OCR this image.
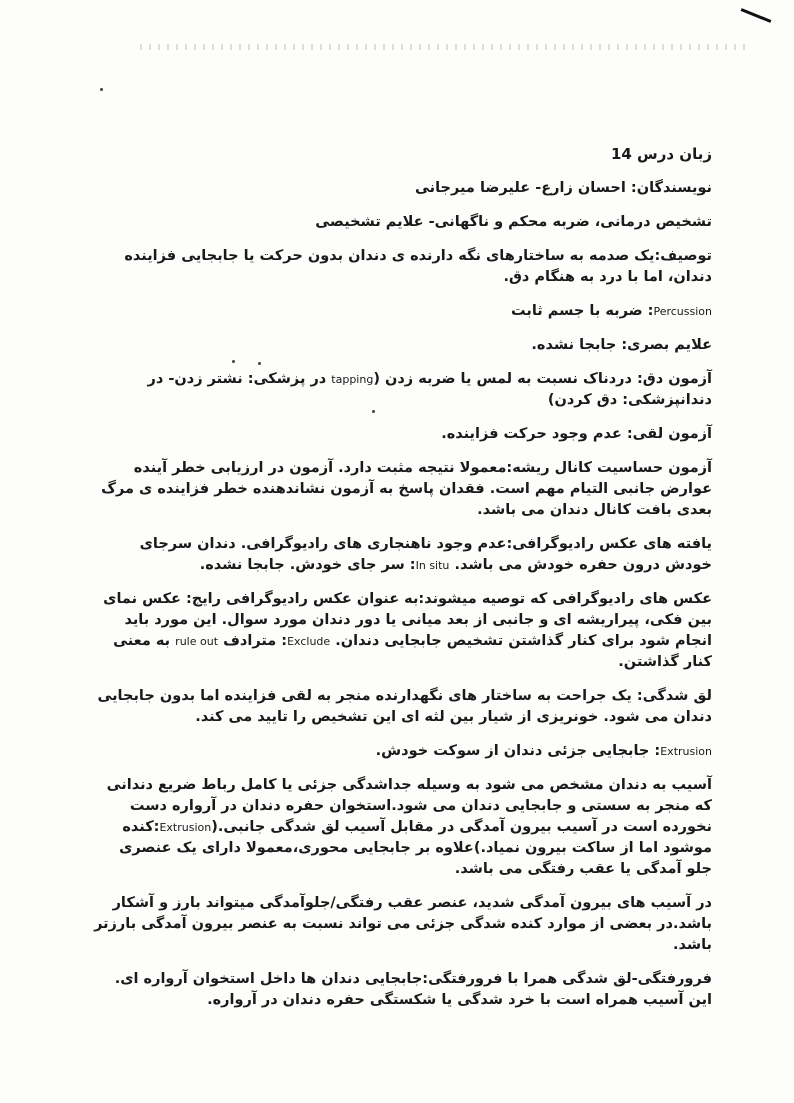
زبان درس 14

نویسندگان: احسان زارع- علیرضا میرجانی

تشخیص درمانی، ضربه محکم و ناگهانی- علایم تشخیصی

توصیف:یک صدمه به ساختارهای نگه دارنده ی دندان بدون حرکت یا جابجایی فزاینده دندان، اما با درد به هنگام دق.

Percussion: ضربه با جسم ثابت

علایم بصری: جابجا نشده.

آزمون دق: دردناک نسبت به لمس یا ضربه زدن (tapping در پزشکی: نشتر زدن- در دندانپزشکی: دق کردن)

آزمون لقی: عدم وجود حرکت فزاینده.

آزمون حساسیت کانال ریشه:معمولا نتیجه مثبت دارد. آزمون در ارزیابی خطر آینده عوارض جانبی التیام مهم است. فقدان پاسخ به آزمون نشاندهنده خطر فزاینده ی مرگ بعدی بافت کانال دندان می باشد.

یافته های عکس رادیوگرافی:عدم وجود ناهنجاری های رادیوگرافی. دندان سرجای خودش درون حفره خودش می باشد. In situ: سر جای خودش. جابجا نشده.

عکس های رادیوگرافی که توصیه میشوند:به عنوان عکس رادیوگرافی رایج: عکس نمای بین فکی، پیراریشه ای و جانبی از بعد میانی یا دور دندان مورد سوال. این مورد باید انجام شود برای کنار گذاشتن تشخیص جابجایی دندان. Exclude: مترادف rule out به معنی کنار گذاشتن.

لق شدگی: یک جراحت به ساختار های نگهدارنده منجر به لقی فزاینده اما بدون جابجایی دندان می شود. خونریزی از شیار بین لثه ای این تشخیص را تایید می کند.

Extrusion: جابجایی جزئی دندان از سوکت خودش.

آسیب به دندان مشخص می شود به وسیله جداشدگی جزئی یا کامل رباط ضریع دندانی که منجر به سستی و جابجایی دندان می شود.استخوان حفره دندان در آرواره دست نخورده است در آسیب بیرون آمدگی در مقابل آسیب لق شدگی جانبی.(Extrusion:کنده موشود اما از ساکت بیرون نمیاد.)علاوه بر جابجایی محوری،معمولا دارای یک عنصری جلو آمدگی یا عقب رفتگی می باشد.

در آسیب های بیرون آمدگی شدید، عنصر عقب رفتگی/جلوآمدگی میتواند بارز و آشکار باشد.در بعضی از موارد کنده شدگی جزئی می تواند نسبت به عنصر بیرون آمدگی بارزتر باشد.

فرورفتگی-لق شدگی همرا با فرورفتگی:جابجایی دندان ها داخل استخوان آرواره ای. این آسیب همراه است با خرد شدگی یا شکستگی حفره دندان در آرواره.
